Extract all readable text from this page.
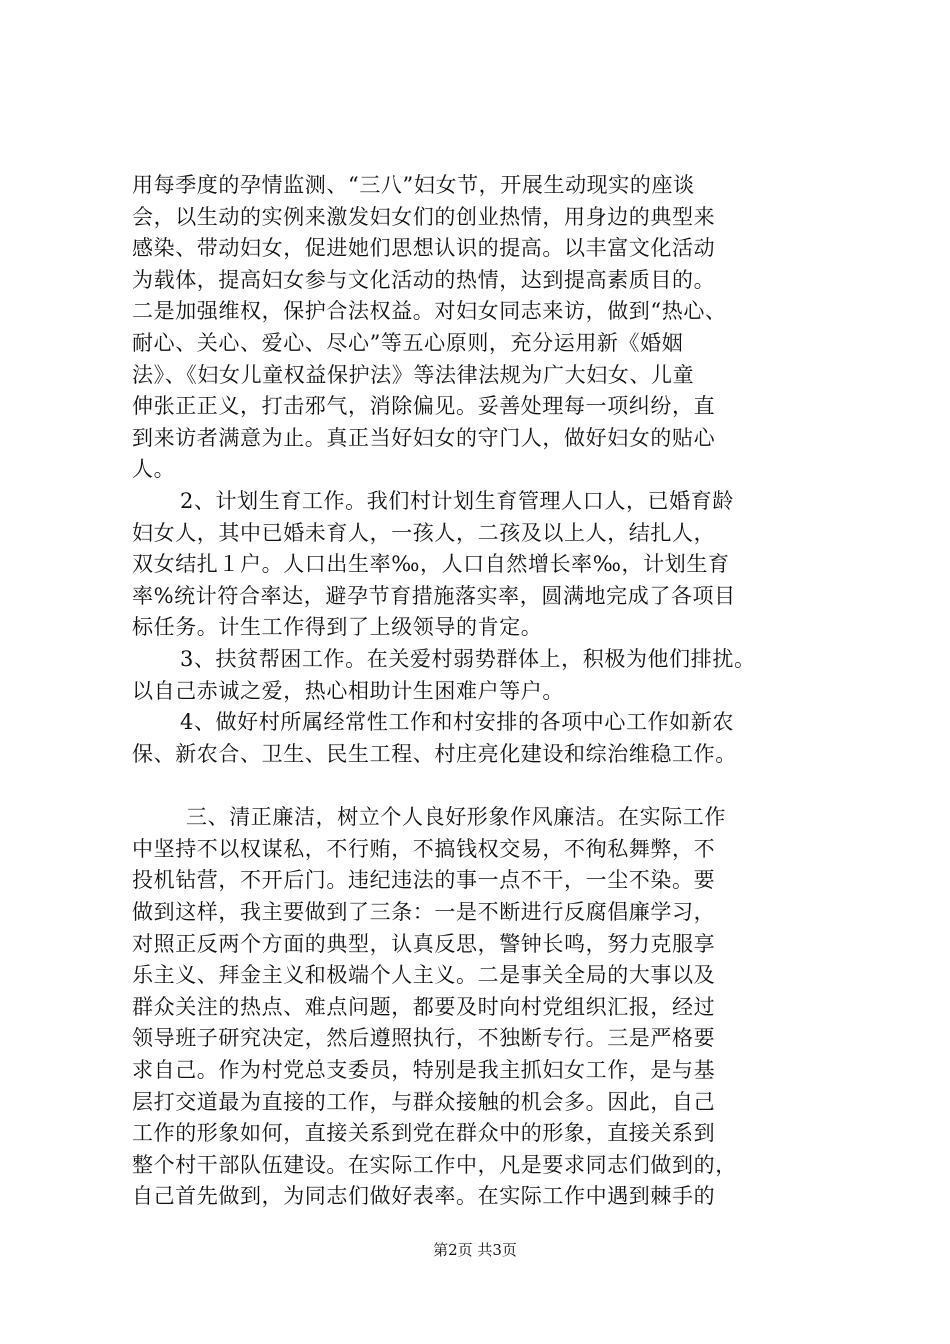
用每季度的孕情监测、“三八”妇女节，开展生动现实的座谈
会，以生动的实例来激发妇女们的创业热情，用身边的典型来
感染、带动妇女，促进她们思想认识的提高。以丰富文化活动
为载体，提高妇女参与文化活动的热情，达到提高素质目的。
二是加强维权，保护合法权益。对妇女同志来访，做到“热心、
耐心、关心、爱心、尽心”等五心原则，充分运用新《婚姻
法》、《妇女儿童权益保护法》等法律法规为广大妇女、儿童
伸张正正义，打击邪气，消除偏见。妥善处理每一项纠纷，直
到来访者满意为止。真正当好妇女的守门人，做好妇女的贴心
人。
2、计划生育工作。我们村计划生育管理人口人，已婚育龄
妇女人，其中已婚未育人，一孩人，二孩及以上人，结扎人，
双女结扎１户。人口出生率‰，人口自然增长率‰，计划生育
率%统计符合率达，避孕节育措施落实率，圆满地完成了各项目
标任务。计生工作得到了上级领导的肯定。
3、扶贫帮困工作。在关爱村弱势群体上，积极为他们排扰。
以自己赤诚之爱，热心相助计生困难户等户。
4、做好村所属经常性工作和村安排的各项中心工作如新农
保、新农合、卫生、民生工程、村庄亮化建设和综治维稳工作。
三、清正廉洁，树立个人良好形象作风廉洁。在实际工作
中坚持不以权谋私，不行贿，不搞钱权交易，不徇私舞弊，不
投机钻营，不开后门。违纪违法的事一点不干，一尘不染。要
做到这样，我主要做到了三条：一是不断进行反腐倡廉学习，
对照正反两个方面的典型，认真反思，警钟长鸣，努力克服享
乐主义、拜金主义和极端个人主义。二是事关全局的大事以及
群众关注的热点、难点问题，都要及时向村党组织汇报，经过
领导班子研究决定，然后遵照执行，不独断专行。三是严格要
求自己。作为村党总支委员，特别是我主抓妇女工作，是与基
层打交道最为直接的工作，与群众接触的机会多。因此，自己
工作的形象如何，直接关系到党在群众中的形象，直接关系到
整个村干部队伍建设。在实际工作中，凡是要求同志们做到的，
自己首先做到，为同志们做好表率。在实际工作中遇到棘手的
第2页 共3页
